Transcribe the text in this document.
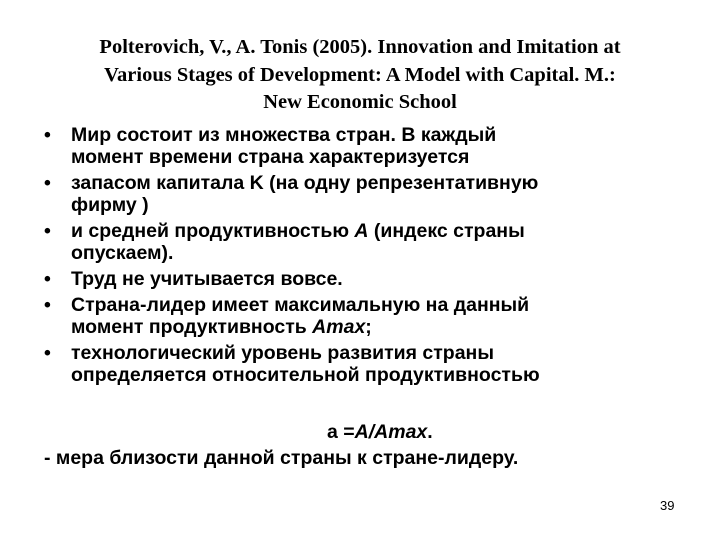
Polterovich, V., A. Tonis (2005). Innovation and Imitation at
Various Stages of Development: A Model with Capital. M.:
New Economic School
• Мир состоит из множества стран. В каждый
момент времени страна характеризуется
• запасом капитала K (на одну репрезентативную
фирму )
• и средней продуктивностью A (индекс страны
опускаем).
• Труд не учитывается вовсе.
• Страна-лидер имеет максимальную на данный
момент продуктивность Amax;
• технологический уровень развития страны
определяется относительной продуктивностью
a =A/Amax.
- мера близости данной страны к стране-лидеру.
39
